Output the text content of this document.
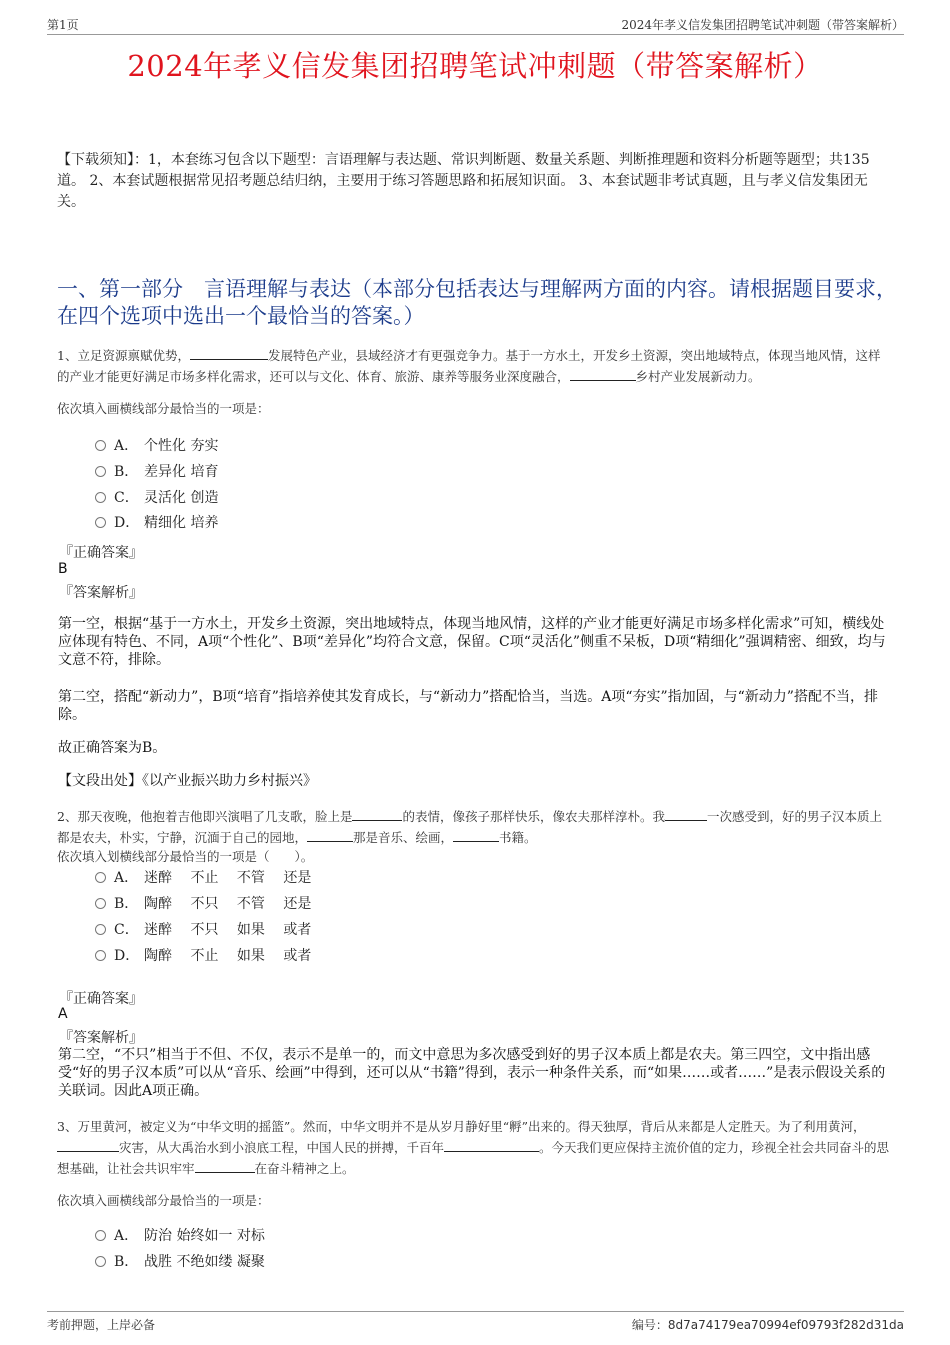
第1页	2024年孝义信发集团招聘笔试冲刺题（带答案解析）
2024年孝义信发集团招聘笔试冲刺题（带答案解析）
【下载须知】：1，本套练习包含以下题型：言语理解与表达题、常识判断题、数量关系题、判断推理题和资料分析题等题型；共135道。 2、本套试题根据常见招考题总结归纳，主要用于练习答题思路和拓展知识面。 3、本套试题非考试真题，且与孝义信发集团无关。
一、第一部分　言语理解与表达（本部分包括表达与理解两方面的内容。请根据题目要求，在四个选项中选出一个最恰当的答案。）
1、立足资源禀赋优势，	发展特色产业，县域经济才有更强竞争力。基于一方水土，开发乡土资源，突出地域特点，体现当地风情，这样的产业才能更好满足市场多样化需求，还可以与文化、体育、旅游、康养等服务业深度融合，	乡村产业发展新动力。
依次填入画横线部分最恰当的一项是：
A． 个性化 夯实
B． 差异化 培育
C． 灵活化 创造
D． 精细化 培养
『正确答案』
B
『答案解析』
第一空，根据“基于一方水土，开发乡土资源，突出地域特点，体现当地风情，这样的产业才能更好满足市场多样化需求”可知，横线处应体现有特色、不同，A项“个性化”、B项“差异化”均符合文意，保留。C项“灵活化”侧重不呆板，D项“精细化”强调精密、细致，均与文意不符，排除。
第二空，搭配“新动力”，B项“培育”指培养使其发育成长，与“新动力”搭配恰当，当选。A项“夯实”指加固，与“新动力”搭配不当，排除。
故正确答案为B。
【文段出处】《以产业振兴助力乡村振兴》
2、那天夜晚，他抱着吉他即兴演唱了几支歌，脸上是	的表情，像孩子那样快乐，像农夫那样淳朴。我	一次感受到，好的男子汉本质上都是农夫，朴实，宁静，沉湎于自己的园地，	那是音乐、绘画，	书籍。
依次填入划横线部分最恰当的一项是（　　）。
A． 迷醉　 不止　 不管　 还是
B． 陶醉　 不只　 不管　 还是
C． 迷醉　 不只　 如果　 或者
D． 陶醉　 不止　 如果　 或者
『正确答案』
A
『答案解析』
第二空，“不只”相当于不但、不仅，表示不是单一的，而文中意思为多次感受到好的男子汉本质上都是农夫。第三四空，文中指出感受“好的男子汉本质”可以从“音乐、绘画”中得到，还可以从“书籍”得到，表示一种条件关系，而“如果……或者……”是表示假设关系的关联词。因此A项正确。
3、万里黄河，被定义为“中华文明的摇篮”。然而，中华文明并不是从岁月静好里“孵”出来的。得天独厚，背后从来都是人定胜天。为了利用黄河，灾害，从大禹治水到小浪底工程，中国人民的拼搏，千百年	。今天我们更应保持主流价值的定力，珍视全社会共同奋斗的思想基础，让社会共识牢牢	在奋斗精神之上。
依次填入画横线部分最恰当的一项是：
A． 防治 始终如一 对标
B． 战胜 不绝如缕 凝聚
考前押题，上岸必备	编号：8d7a74179ea70994ef09793f282d31da
